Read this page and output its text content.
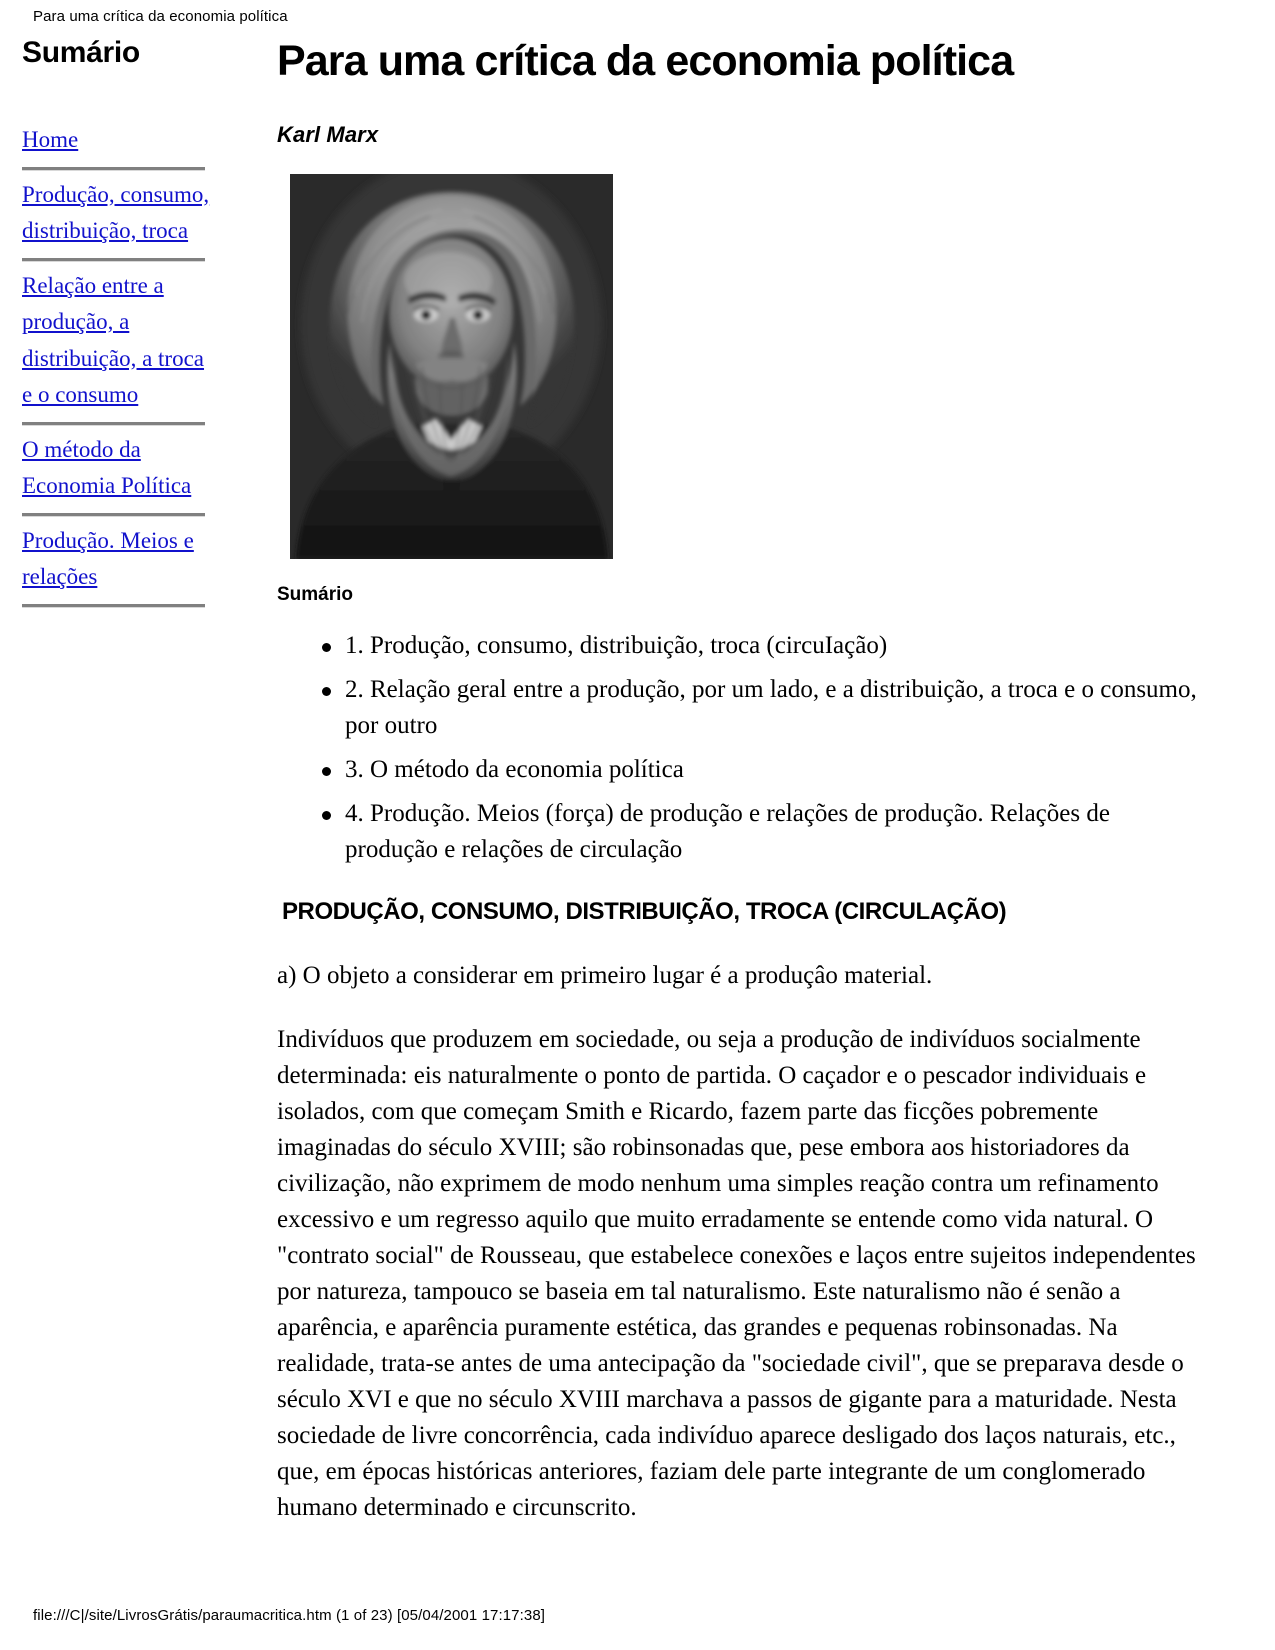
Para uma crítica da economia política
Sumário
Home
Produção, consumo, distribuição, troca
Relação entre a produção, a distribuição, a troca e o consumo
O método da Economia Política
Produção. Meios e relações
Para uma crítica da economia política
Karl Marx
Sumário
1. Produção, consumo, distribuição, troca (circuIação)
2. Relação geral entre a produção, por um lado, e a distribuição, a troca e o consumo, por outro
3. O método da economia política
4. Produção. Meios (força) de produção e relações de produção. Relações de produção e relações de circulação
PRODUÇÃO, CONSUMO, DISTRIBUIÇÃO, TROCA (CIRCULAÇÃO)

a) O objeto a considerar em primeiro lugar é a produçâo material.

Indivíduos que produzem em sociedade, ou seja a produção de indivíduos socialmente determinada: eis naturalmente o ponto de partida. O caçador e o pescador individuais e isolados, com que começam Smith e Ricardo, fazem parte das ficções pobremente imaginadas do século XVIII; são robinsonadas que, pese embora aos historiadores da civilização, não exprimem de modo nenhum uma simples reação contra um refinamento excessivo e um regresso aquilo que muito erradamente se entende como vida natural. O "contrato social" de Rousseau, que estabelece conexões e laços entre sujeitos independentes por natureza, tampouco se baseia em tal naturalismo. Este naturalismo não é senão a aparência, e aparência puramente estética, das grandes e pequenas robinsonadas. Na realidade, trata-se antes de uma antecipação da "sociedade civil", que se preparava desde o século XVI e que no século XVIII marchava a passos de gigante para a maturidade. Nesta sociedade de livre concorrência, cada indivíduo aparece desligado dos laços naturais, etc., que, em épocas históricas anteriores, faziam dele parte integrante de um conglomerado humano determinado e circunscrito.

file:///C|/site/LivrosGrátis/paraumacritica.htm (1 of 23) [05/04/2001 17:17:38]
